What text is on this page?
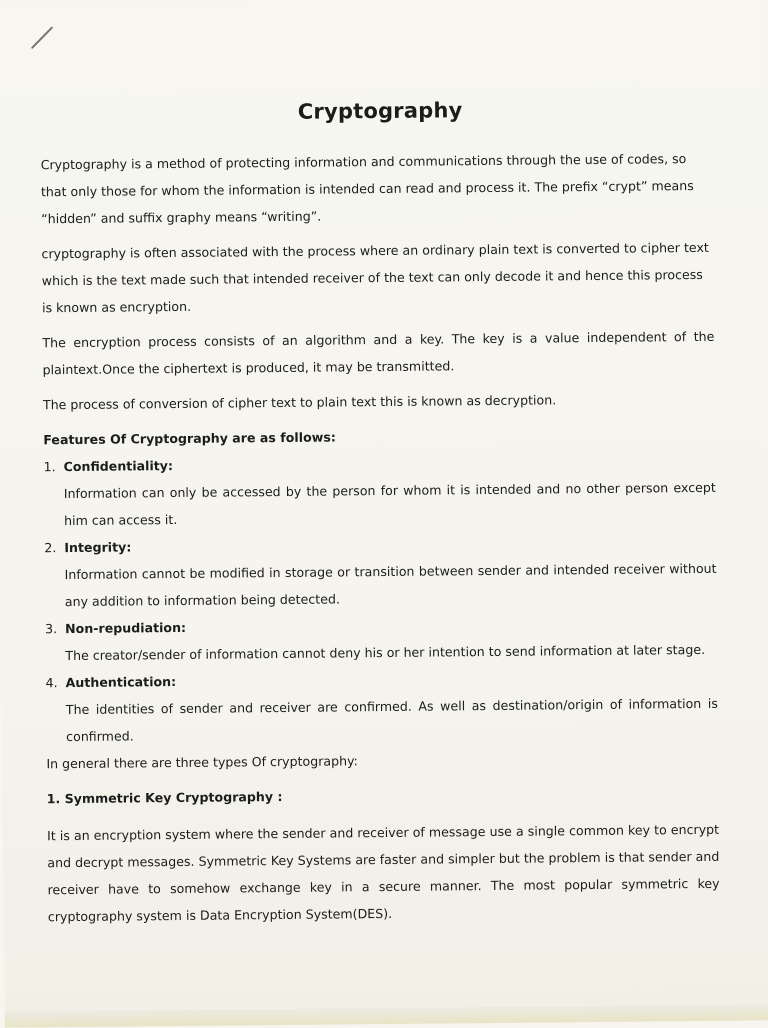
Cryptography

Cryptography is a method of protecting information and communications through the use of codes, so that only those for whom the information is intended can read and process it. The prefix “crypt” means “hidden” and suffix graphy means “writing”.

cryptography is often associated with the process where an ordinary plain text is converted to cipher text which is the text made such that intended receiver of the text can only decode it and hence this process is known as encryption.

The encryption process consists of an algorithm and a key. The key is a value independent of the plaintext.Once the ciphertext is produced, it may be transmitted.

The process of conversion of cipher text to plain text this is known as decryption.

Features Of Cryptography are as follows:

1. Confidentiality:
Information can only be accessed by the person for whom it is intended and no other person except him can access it.
2. Integrity:
Information cannot be modified in storage or transition between sender and intended receiver without any addition to information being detected.
3. Non-repudiation:
The creator/sender of information cannot deny his or her intention to send information at later stage.
4. Authentication:
The identities of sender and receiver are confirmed. As well as destination/origin of information is confirmed.

In general there are three types Of cryptography:

1. Symmetric Key Cryptography :

It is an encryption system where the sender and receiver of message use a single common key to encrypt and decrypt messages. Symmetric Key Systems are faster and simpler but the problem is that sender and receiver have to somehow exchange key in a secure manner. The most popular symmetric key cryptography system is Data Encryption System(DES).
